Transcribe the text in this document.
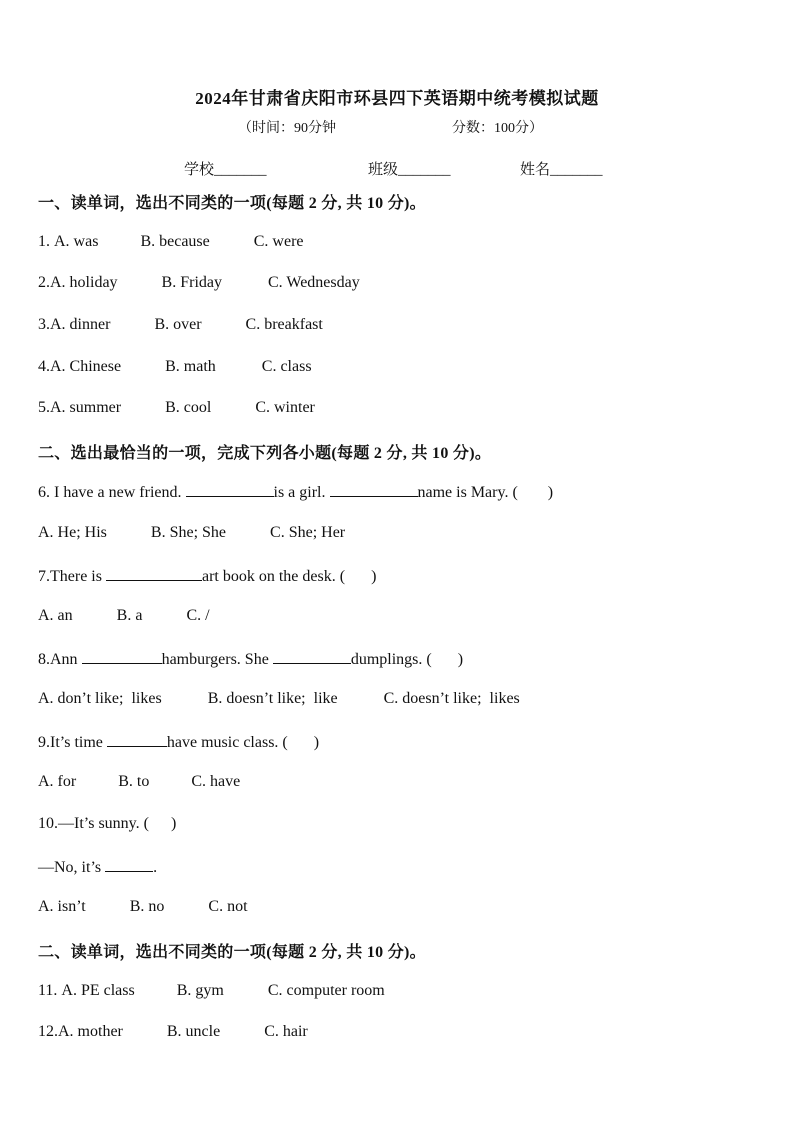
2024年甘肃省庆阳市环县四下英语期中统考模拟试题
（时间：90分钟	分数：100分）
学校_______	班级_______	姓名_______
一、读单词，选出不同类的一项(每题 2 分, 共 10 分)。
1. A. was	B. because	C. were
2.A. holiday	B. Friday	C. Wednesday
3.A. dinner	B. over	C. breakfast
4.A. Chinese	B. math	C. class
5.A. summer	B. cool	C. winter
二、选出最恰当的一项，完成下列各小题(每题 2 分, 共 10 分)。
6. I have a new friend.	is a girl.	name is Mary. ( )
A. He; His	B. She; She	C. She; Her
7.There is	art book on the desk. ( )
A. an	B. a	C. /
8.Ann	hamburgers. She	dumplings. ( )
A. don’t like;  likes	B. doesn’t like;  like	C. doesn’t like;  likes
9.It’s time	have music class. ( )
A. for	B. to	C. have
10.—It’s sunny. ( )
—No, it’s	.
A. isn’t	B. no	C. not
二、读单词，选出不同类的一项(每题 2 分, 共 10 分)。
11. A. PE class	B. gym	C. computer room
12.A. mother	B. uncle	C. hair
